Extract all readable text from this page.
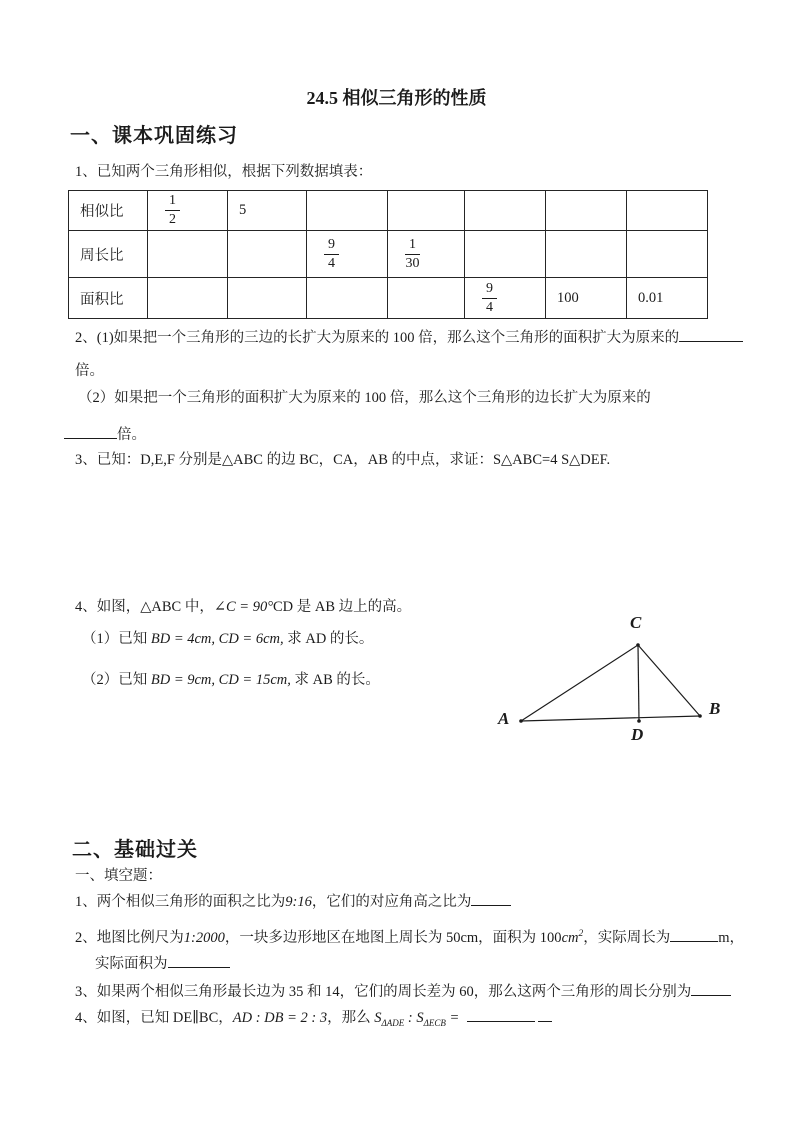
24.5 相似三角形的性质
一、课本巩固练习
1、已知两个三角形相似，根据下列数据填表：
相似比	$\frac{1}{2}$	5					
周长比			$\frac{9}{4}$	$\frac{1}{30}$

面积比					$\frac{9}{4}$	100	0.01
2、(1)如果把一个三角形的三边的长扩大为原来的 100 倍，那么这个三角形的面积扩大为原来的
倍。
（2）如果把一个三角形的面积扩大为原来的 100 倍，那么这个三角形的边长扩大为原来的
倍。
3、已知：D,E,F 分别是△ABC 的边 BC，CA，AB 的中点，求证：S△ABC=4 S△DEF.
4、如图，△ABC 中，∠C = 90°CD 是 AB 边上的高。
（1）已知 BD = 4cm, CD = 6cm, 求 AD 的长。
（2）已知 BD = 9cm, CD = 15cm, 求 AB 的长。
A
B
C
D
二、基础过关
一、填空题：
1、两个相似三角形的面积之比为9:16，它们的对应角高之比为
2、地图比例尺为1:2000，一块多边形地区在地图上周长为 50cm，面积为 $100cm^2$，实际周长为	m，
实际面积为
3、如果两个相似三角形最长边为 35 和 14，它们的周长差为 60，那么这两个三角形的周长分别为
4、如图，已知 DE∥BC，AD : DB = 2 : 3，那么 $S_{\Delta ADE}$ : $S_{\Delta ECB}$ =
